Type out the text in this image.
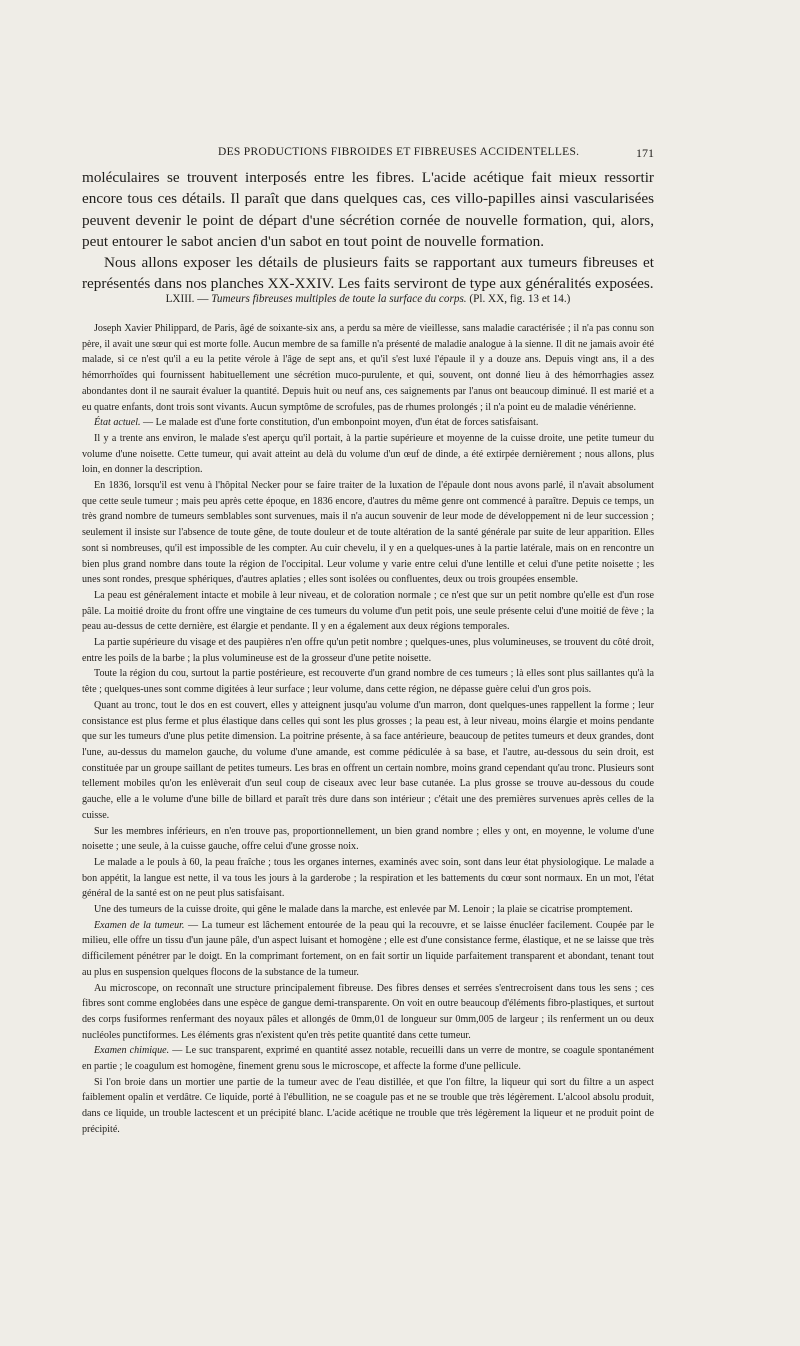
DES PRODUCTIONS FIBROIDES ET FIBREUSES ACCIDENTELLES.	171

moléculaires se trouvent interposés entre les fibres. L'acide acétique fait mieux ressortir encore tous ces détails. Il paraît que dans quelques cas, ces villo-papilles ainsi vascularisées peuvent devenir le point de départ d'une sécrétion cornée de nouvelle formation, qui, alors, peut entourer le sabot ancien d'un sabot en tout point de nouvelle formation.

Nous allons exposer les détails de plusieurs faits se rapportant aux tumeurs fibreuses et représentés dans nos planches XX-XXIV. Les faits serviront de type aux généralités exposées.

LXIII. — Tumeurs fibreuses multiples de toute la surface du corps. (Pl. XX, fig. 13 et 14.)

Joseph Xavier Philippard, de Paris, âgé de soixante-six ans, a perdu sa mère de vieillesse, sans maladie caractérisée ; il n'a pas connu son père, il avait une sœur qui est morte folle. Aucun membre de sa famille n'a présenté de maladie analogue à la sienne. Il dit ne jamais avoir été malade, si ce n'est qu'il a eu la petite vérole à l'âge de sept ans, et qu'il s'est luxé l'épaule il y a douze ans. Depuis vingt ans, il a des hémorrhoïdes qui fournissent habituellement une sécrétion muco-purulente, et qui, souvent, ont donné lieu à des hémorrhagies assez abondantes dont il ne saurait évaluer la quantité. Depuis huit ou neuf ans, ces saignements par l'anus ont beaucoup diminué. Il est marié et a eu quatre enfants, dont trois sont vivants. Aucun symptôme de scrofules, pas de rhumes prolongés ; il n'a point eu de maladie vénérienne.

État actuel. — Le malade est d'une forte constitution, d'un embonpoint moyen, d'un état de forces satisfaisant.

Il y a trente ans environ, le malade s'est aperçu qu'il portait, à la partie supérieure et moyenne de la cuisse droite, une petite tumeur du volume d'une noisette. Cette tumeur, qui avait atteint au delà du volume d'un œuf de dinde, a été extirpée dernièrement ; nous allons, plus loin, en donner la description.

En 1836, lorsqu'il est venu à l'hôpital Necker pour se faire traiter de la luxation de l'épaule dont nous avons parlé, il n'avait absolument que cette seule tumeur ; mais peu après cette époque, en 1836 encore, d'autres du même genre ont commencé à paraître. Depuis ce temps, un très grand nombre de tumeurs semblables sont survenues, mais il n'a aucun souvenir de leur mode de développement ni de leur succession ; seulement il insiste sur l'absence de toute gêne, de toute douleur et de toute altération de la santé générale par suite de leur apparition. Elles sont si nombreuses, qu'il est impossible de les compter. Au cuir chevelu, il y en a quelques-unes à la partie latérale, mais on en rencontre un bien plus grand nombre dans toute la région de l'occipital. Leur volume y varie entre celui d'une lentille et celui d'une petite noisette ; les unes sont rondes, presque sphériques, d'autres aplaties ; elles sont isolées ou confluentes, deux ou trois groupées ensemble.

La peau est généralement intacte et mobile à leur niveau, et de coloration normale ; ce n'est que sur un petit nombre qu'elle est d'un rose pâle. La moitié droite du front offre une vingtaine de ces tumeurs du volume d'un petit pois, une seule présente celui d'une moitié de fève ; la peau au-dessus de cette dernière, est élargie et pendante. Il y en a également aux deux régions temporales.

La partie supérieure du visage et des paupières n'en offre qu'un petit nombre ; quelques-unes, plus volumineuses, se trouvent du côté droit, entre les poils de la barbe ; la plus volumineuse est de la grosseur d'une petite noisette.

Toute la région du cou, surtout la partie postérieure, est recouverte d'un grand nombre de ces tumeurs ; là elles sont plus saillantes qu'à la tête ; quelques-unes sont comme digitées à leur surface ; leur volume, dans cette région, ne dépasse guère celui d'un gros pois.

Quant au tronc, tout le dos en est couvert, elles y atteignent jusqu'au volume d'un marron, dont quelques-unes rappellent la forme ; leur consistance est plus ferme et plus élastique dans celles qui sont les plus grosses ; la peau est, à leur niveau, moins élargie et moins pendante que sur les tumeurs d'une plus petite dimension. La poitrine présente, à sa face antérieure, beaucoup de petites tumeurs et deux grandes, dont l'une, au-dessus du mamelon gauche, du volume d'une amande, est comme pédiculée à sa base, et l'autre, au-dessous du sein droit, est constituée par un groupe saillant de petites tumeurs. Les bras en offrent un certain nombre, moins grand cependant qu'au tronc. Plusieurs sont tellement mobiles qu'on les enlèverait d'un seul coup de ciseaux avec leur base cutanée. La plus grosse se trouve au-dessous du coude gauche, elle a le volume d'une bille de billard et paraît très dure dans son intérieur ; c'était une des premières survenues après celles de la cuisse.

Sur les membres inférieurs, en n'en trouve pas, proportionnellement, un bien grand nombre ; elles y ont, en moyenne, le volume d'une noisette ; une seule, à la cuisse gauche, offre celui d'une grosse noix.

Le malade a le pouls à 60, la peau fraîche ; tous les organes internes, examinés avec soin, sont dans leur état physiologique. Le malade a bon appétit, la langue est nette, il va tous les jours à la garderobe ; la respiration et les battements du cœur sont normaux. En un mot, l'état général de la santé est on ne peut plus satisfaisant.

Une des tumeurs de la cuisse droite, qui gêne le malade dans la marche, est enlevée par M. Lenoir ; la plaie se cicatrise promptement.

Examen de la tumeur. — La tumeur est lâchement entourée de la peau qui la recouvre, et se laisse énucléer facilement. Coupée par le milieu, elle offre un tissu d'un jaune pâle, d'un aspect luisant et homogène ; elle est d'une consistance ferme, élastique, et ne se laisse que très difficilement pénétrer par le doigt. En la comprimant fortement, on en fait sortir un liquide parfaitement transparent et abondant, tenant tout au plus en suspension quelques flocons de la substance de la tumeur.

Au microscope, on reconnaît une structure principalement fibreuse. Des fibres denses et serrées s'entrecroisent dans tous les sens ; ces fibres sont comme englobées dans une espèce de gangue demi-transparente. On voit en outre beaucoup d'éléments fibro-plastiques, et surtout des corps fusiformes renfermant des noyaux pâles et allongés de 0mm,01 de longueur sur 0mm,005 de largeur ; ils renferment un ou deux nucléoles punctiformes. Les éléments gras n'existent qu'en très petite quantité dans cette tumeur.

Examen chimique. — Le suc transparent, exprimé en quantité assez notable, recueilli dans un verre de montre, se coagule spontanément en partie ; le coagulum est homogène, finement grenu sous le microscope, et affecte la forme d'une pellicule.

Si l'on broie dans un mortier une partie de la tumeur avec de l'eau distillée, et que l'on filtre, la liqueur qui sort du filtre a un aspect faiblement opalin et verdâtre. Ce liquide, porté à l'ébullition, ne se coagule pas et ne se trouble que très légèrement. L'alcool absolu produit, dans ce liquide, un trouble lactescent et un précipité blanc. L'acide acétique ne trouble que très légèrement la liqueur et ne produit point de précipité.
